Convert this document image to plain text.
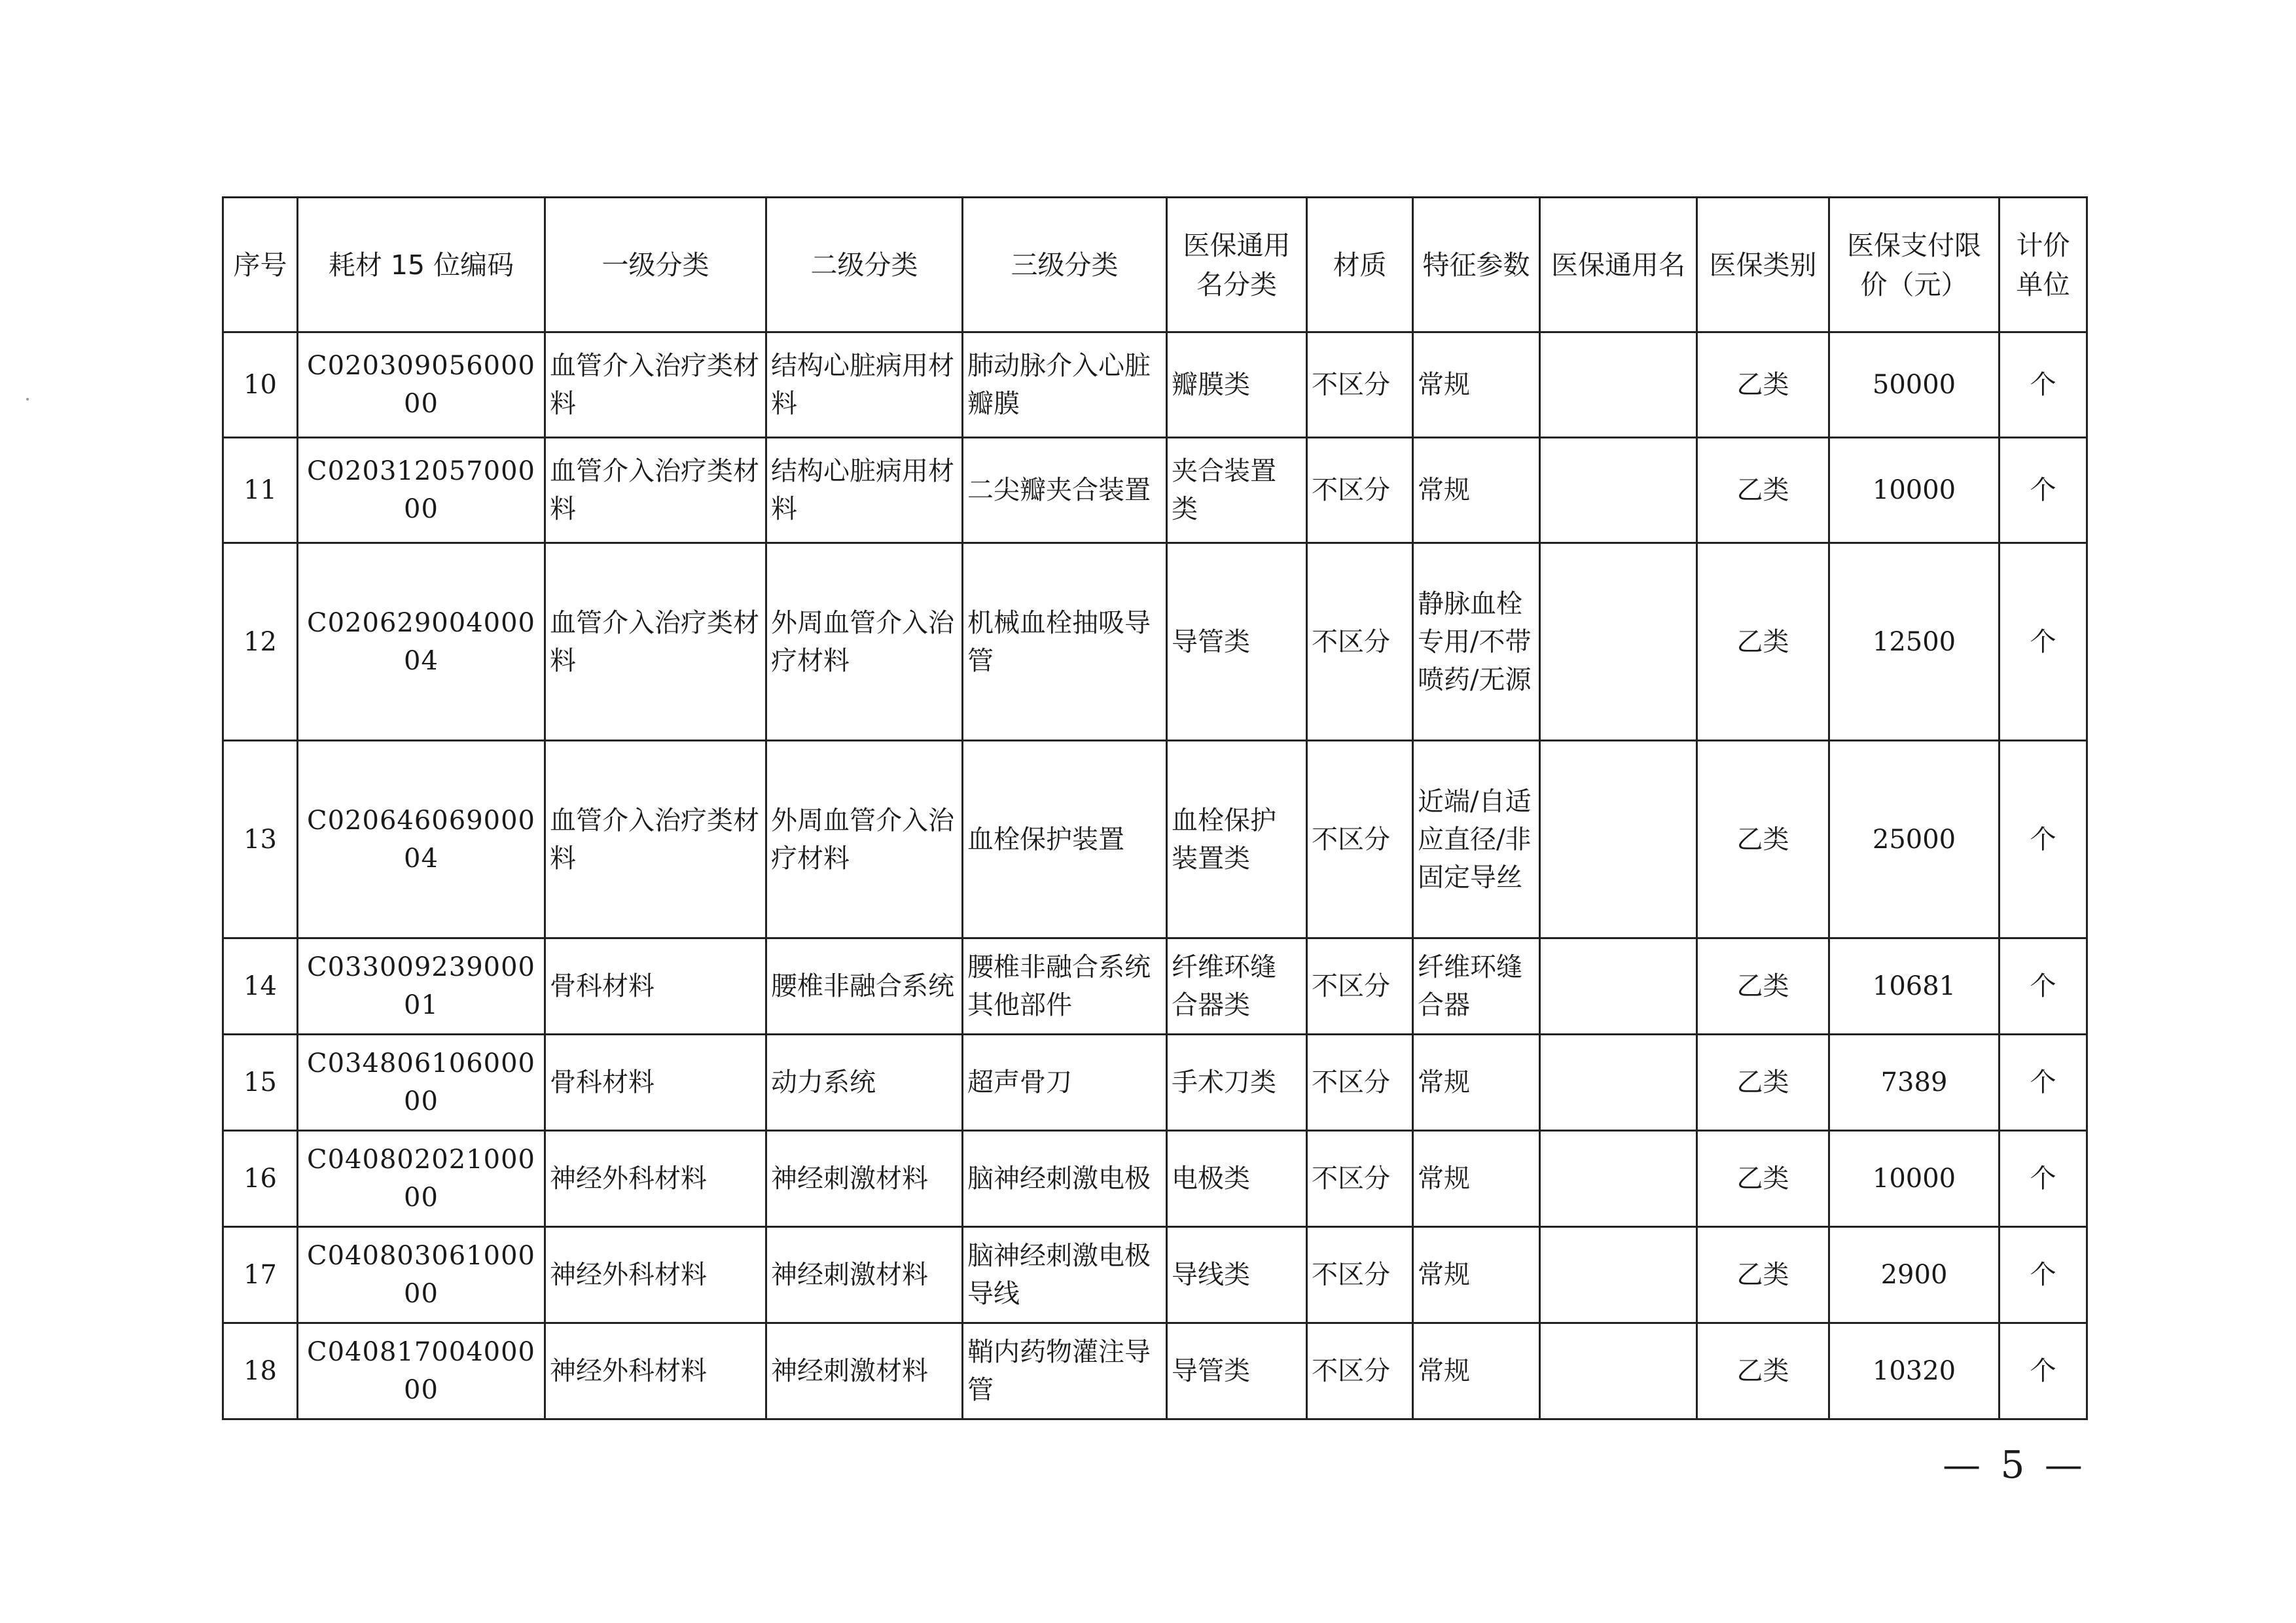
序号	耗材 15 位编码	一级分类	二级分类	三级分类	医保通用名分类	材质	特征参数	医保通用名	医保类别	医保支付限价（元）	计价单位
10	C02030905600000	血管介入治疗类材料	结构心脏病用材料	肺动脉介入心脏瓣膜	瓣膜类	不区分	常规		乙类	50000	个
11	C02031205700000	血管介入治疗类材料	结构心脏病用材料	二尖瓣夹合装置	夹合装置类	不区分	常规		乙类	10000	个
12	C02062900400004	血管介入治疗类材料	外周血管介入治疗材料	机械血栓抽吸导管	导管类	不区分	静脉血栓专用/不带喷药/无源		乙类	12500	个
13	C02064606900004	血管介入治疗类材料	外周血管介入治疗材料	血栓保护装置	血栓保护装置类	不区分	近端/自适应直径/非固定导丝		乙类	25000	个
14	C03300923900001	骨科材料	腰椎非融合系统	腰椎非融合系统其他部件	纤维环缝合器类	不区分	纤维环缝合器		乙类	10681	个
15	C03480610600000	骨科材料	动力系统	超声骨刀	手术刀类	不区分	常规		乙类	7389	个
16	C04080202100000	神经外科材料	神经刺激材料	脑神经刺激电极	电极类	不区分	常规		乙类	10000	个
17	C04080306100000	神经外科材料	神经刺激材料	脑神经刺激电极导线	导线类	不区分	常规		乙类	2900	个
18	C04081700400000	神经外科材料	神经刺激材料	鞘内药物灌注导管	导管类	不区分	常规		乙类	10320	个
— 5 —
